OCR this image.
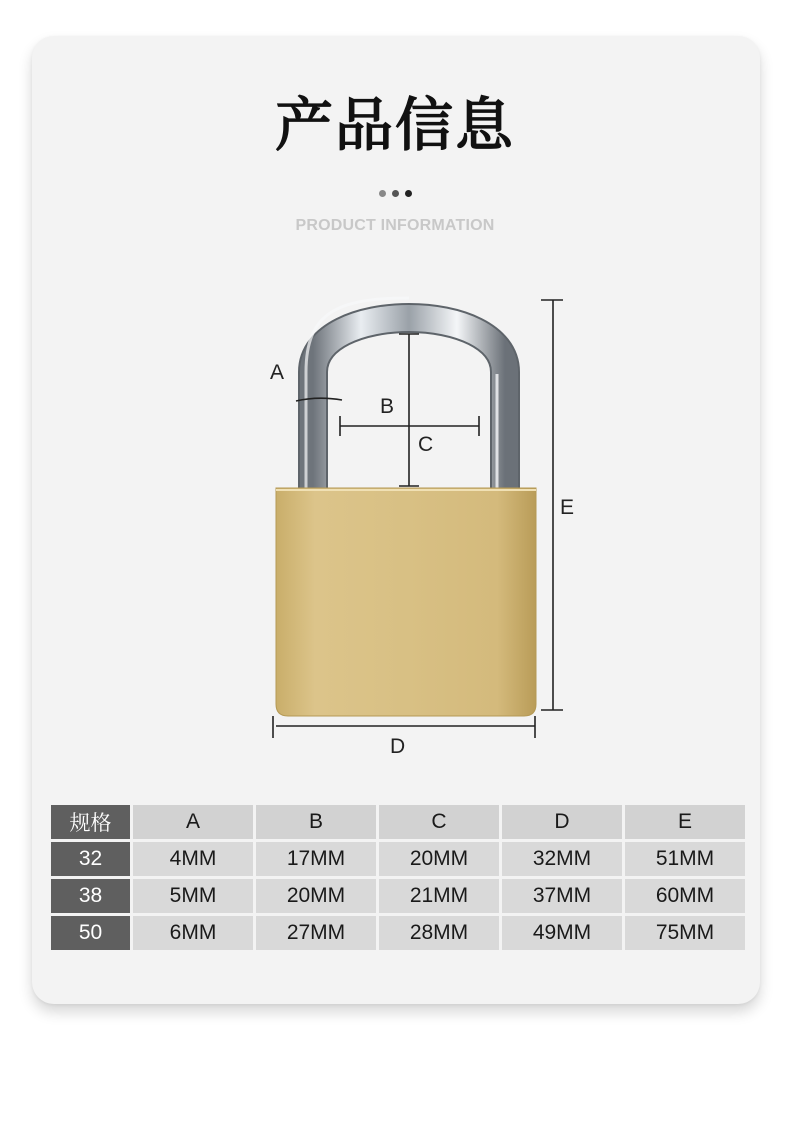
产品信息
PRODUCT INFORMATION
A
B
C
D
E
规格	A	B	C	D	E
32	4MM	17MM	20MM	32MM	51MM
38	5MM	20MM	21MM	37MM	60MM
50	6MM	27MM	28MM	49MM	75MM
